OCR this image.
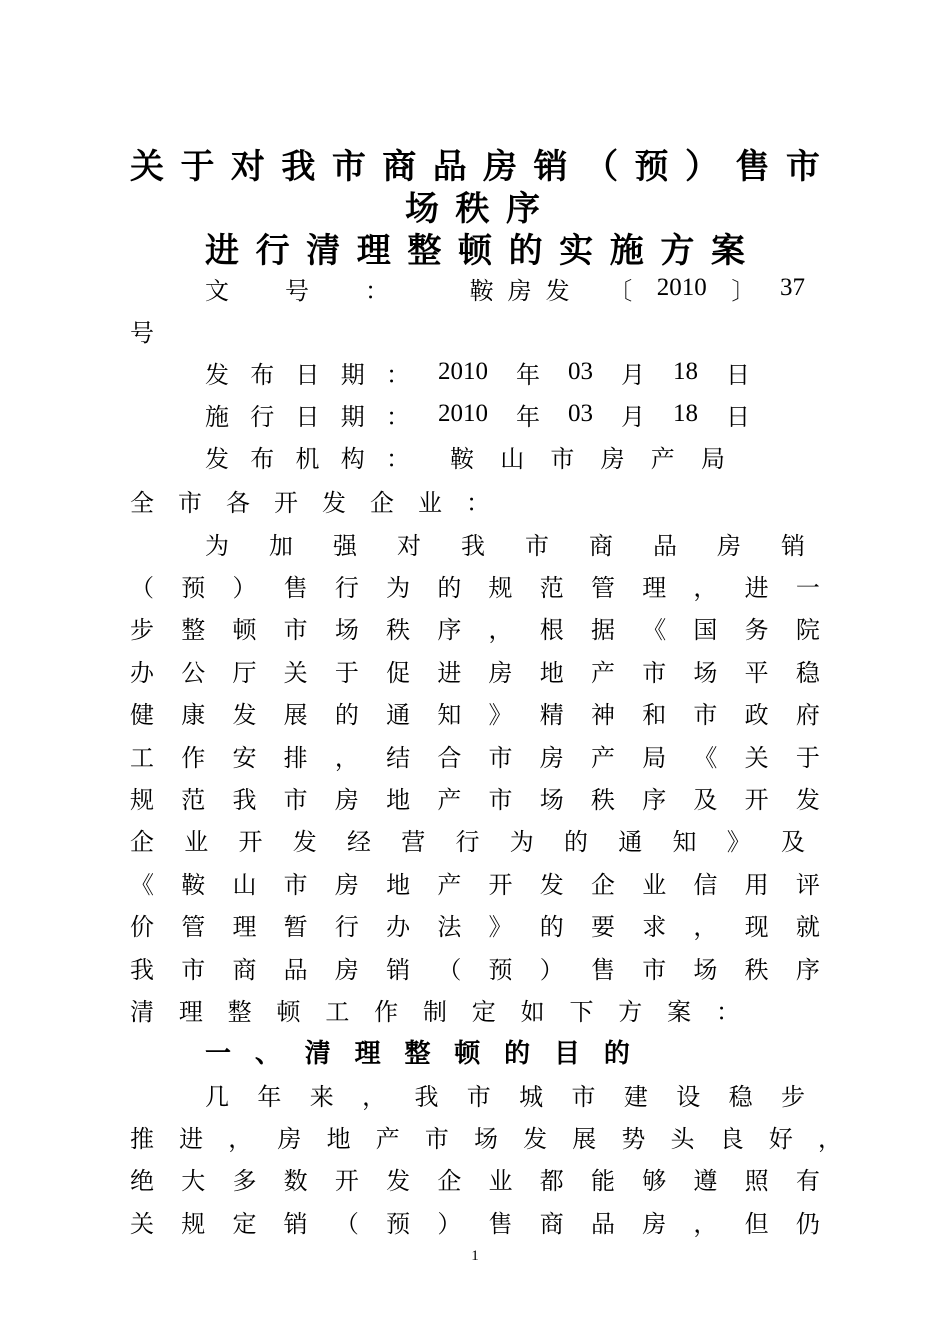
关 于 对 我 市 商 品 房 销 （ 预 ） 售 市
场 秩 序
进 行 清 理 整 顿 的 实 施 方 案
文号： 鞍房发 〔 2010 〕 37
号
发 布 日 期 ： 2010 年 03 月 18 日
施 行 日 期 ： 2010 年 03 月 18 日
发 布 机 构 ： 鞍 山 市 房 产 局
全 市 各 开 发 企 业 ：
为 加 强 对 我 市 商 品 房 销
（ 预 ） 售 行 为 的 规 范 管 理 ， 进 一
步 整 顿 市 场 秩 序 ， 根 据 《 国 务 院
办 公 厅 关 于 促 进 房 地 产 市 场 平 稳
健 康 发 展 的 通 知 》 精 神 和 市 政 府
工 作 安 排 ， 结 合 市 房 产 局 《 关 于
规 范 我 市 房 地 产 市 场 秩 序 及 开 发
企 业 开 发 经 营 行 为 的 通 知 》 及
《 鞍 山 市 房 地 产 开 发 企 业 信 用 评
价 管 理 暂 行 办 法 》 的 要 求 ， 现 就
我 市 商 品 房 销 （ 预 ） 售 市 场 秩 序
清 理 整 顿 工 作 制 定 如 下 方 案 ：
一 、 清 理 整 顿 的 目 的
几 年 来 ， 我 市 城 市 建 设 稳 步
推 进 ， 房 地 产 市 场 发 展 势 头 良 好 ，
绝 大 多 数 开 发 企 业 都 能 够 遵 照 有
关 规 定 销 （ 预 ） 售 商 品 房 ， 但 仍
1
